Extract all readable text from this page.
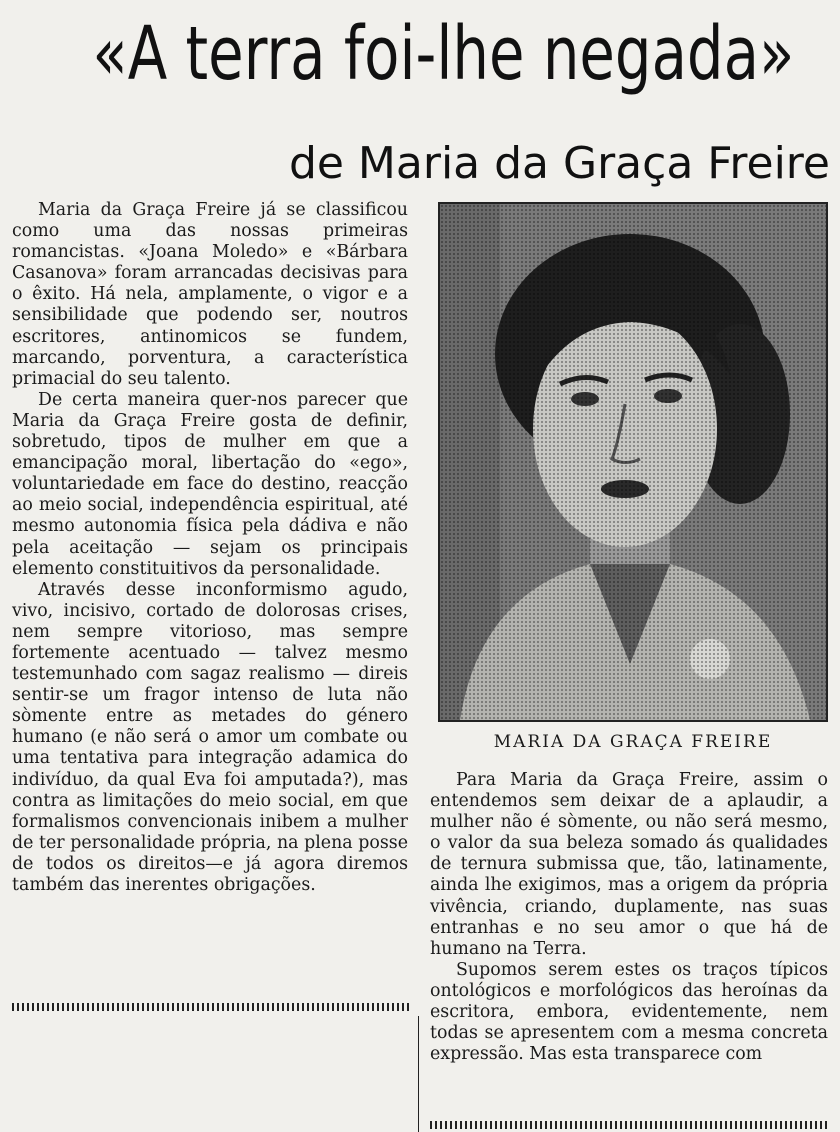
«A terra foi-lhe negada»
de Maria da Graça Freire

Maria da Graça Freire já se classificou como uma das nossas primeiras romancistas. «Joana Moledo» e «Bárbara Casanova» foram arrancadas decisivas para o êxito. Há nela, amplamente, o vigor e a sensibilidade que podendo ser, noutros escritores, antinomicos se fundem, marcando, porventura, a característica primacial do seu talento.

De certa maneira quer-nos parecer que Maria da Graça Freire gosta de definir, sobretudo, tipos de mulher em que a emancipação moral, libertação do «ego», voluntariedade em face do destino, reacção ao meio social, independência espiritual, até mesmo autonomia física pela dádiva e não pela aceitação — sejam os principais elemento constituitivos da personalidade.

Através desse inconformismo agudo, vivo, incisivo, cortado de dolorosas crises, nem sempre vitorioso, mas sempre fortemente acentuado — talvez mesmo testemunhado com sagaz realismo — direis sentir-se um fragor intenso de luta não sòmente entre as metades do género humano (e não será o amor um combate ou uma tentativa para integração adamica do indivíduo, da qual Eva foi amputada?), mas contra as limitações do meio social, em que formalismos convencionais inibem a mulher de ter personalidade própria, na plena posse de todos os direitos—e já agora diremos também das inerentes obrigações.

MARIA DA GRAÇA FREIRE

Para Maria da Graça Freire, assim o entendemos sem deixar de a aplaudir, a mulher não é sòmente, ou não será mesmo, o valor da sua beleza somado ás qualidades de ternura submissa que, tão, latinamente, ainda lhe exigimos, mas a origem da própria vivência, criando, duplamente, nas suas entranhas e no seu amor o que há de humano na Terra.

Supomos serem estes os traços típicos ontológicos e morfológicos das heroínas da escritora, embora, evidentemente, nem todas se apresentem com a mesma concreta expressão. Mas esta transparece com
